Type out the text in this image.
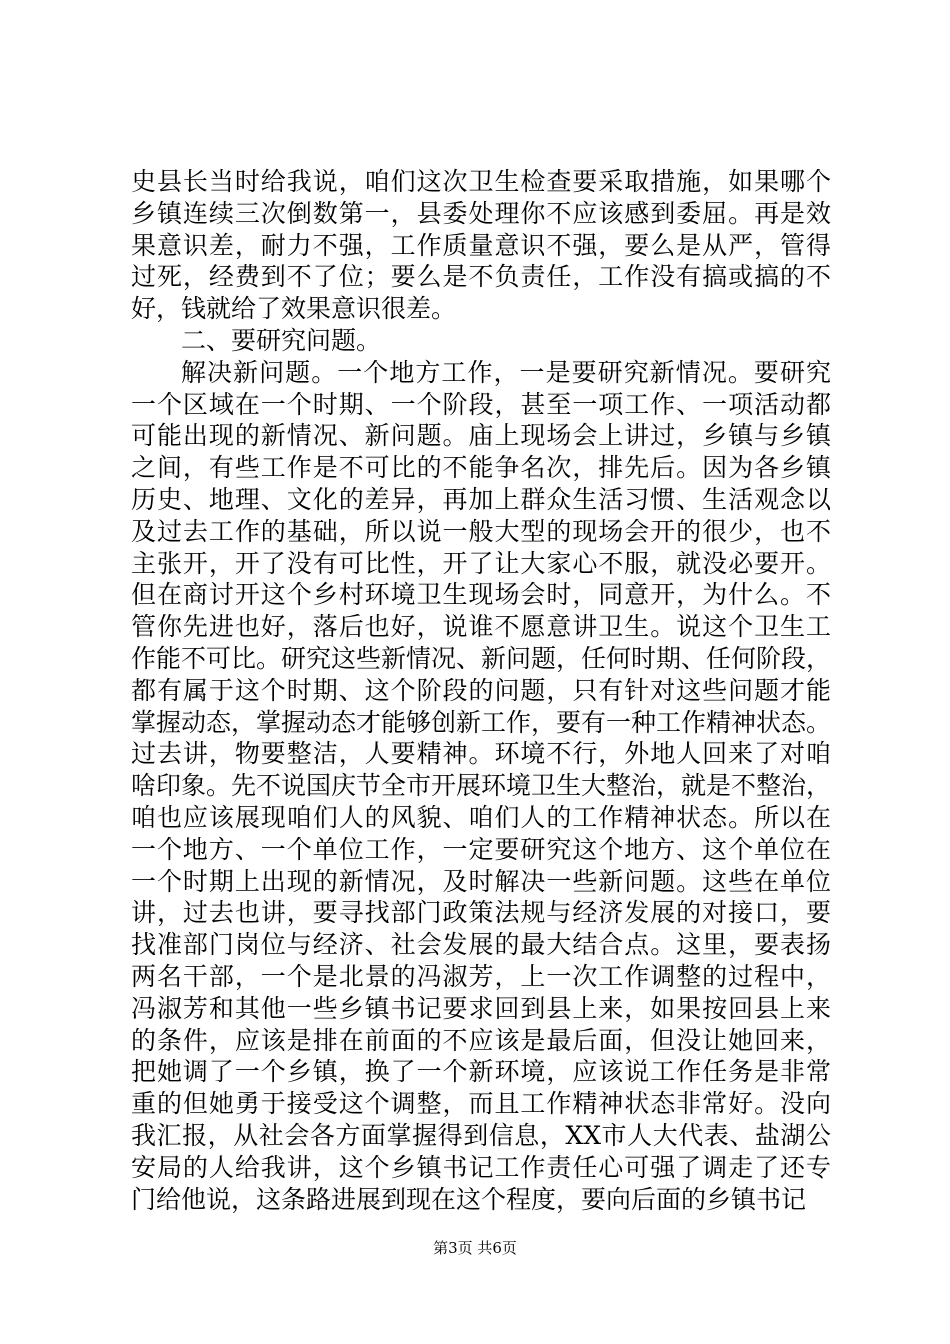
史县长当时给我说，咱们这次卫生检查要采取措施，如果哪个
乡镇连续三次倒数第一，县委处理你不应该感到委屈。再是效
果意识差，耐力不强，工作质量意识不强，要么是从严，管得
过死，经费到不了位；要么是不负责任，工作没有搞或搞的不
好，钱就给了效果意识很差。
二、要研究问题。
解决新问题。一个地方工作，一是要研究新情况。要研究
一个区域在一个时期、一个阶段，甚至一项工作、一项活动都
可能出现的新情况、新问题。庙上现场会上讲过，乡镇与乡镇
之间，有些工作是不可比的不能争名次，排先后。因为各乡镇
历史、地理、文化的差异，再加上群众生活习惯、生活观念以
及过去工作的基础，所以说一般大型的现场会开的很少，也不
主张开，开了没有可比性，开了让大家心不服，就没必要开。
但在商讨开这个乡村环境卫生现场会时，同意开，为什么。不
管你先进也好，落后也好，说谁不愿意讲卫生。说这个卫生工
作能不可比。研究这些新情况、新问题，任何时期、任何阶段，
都有属于这个时期、这个阶段的问题，只有针对这些问题才能
掌握动态，掌握动态才能够创新工作，要有一种工作精神状态。
过去讲，物要整洁，人要精神。环境不行，外地人回来了对咱
啥印象。先不说国庆节全市开展环境卫生大整治，就是不整治，
咱也应该展现咱们人的风貌、咱们人的工作精神状态。所以在
一个地方、一个单位工作，一定要研究这个地方、这个单位在
一个时期上出现的新情况，及时解决一些新问题。这些在单位
讲，过去也讲，要寻找部门政策法规与经济发展的对接口，要
找准部门岗位与经济、社会发展的最大结合点。这里，要表扬
两名干部，一个是北景的冯淑芳，上一次工作调整的过程中，
冯淑芳和其他一些乡镇书记要求回到县上来，如果按回县上来
的条件，应该是排在前面的不应该是最后面，但没让她回来，
把她调了一个乡镇，换了一个新环境，应该说工作任务是非常
重的但她勇于接受这个调整，而且工作精神状态非常好。没向
我汇报，从社会各方面掌握得到信息，XX市人大代表、盐湖公
安局的人给我讲，这个乡镇书记工作责任心可强了调走了还专
门给他说，这条路进展到现在这个程度，要向后面的乡镇书记
第3页 共6页
